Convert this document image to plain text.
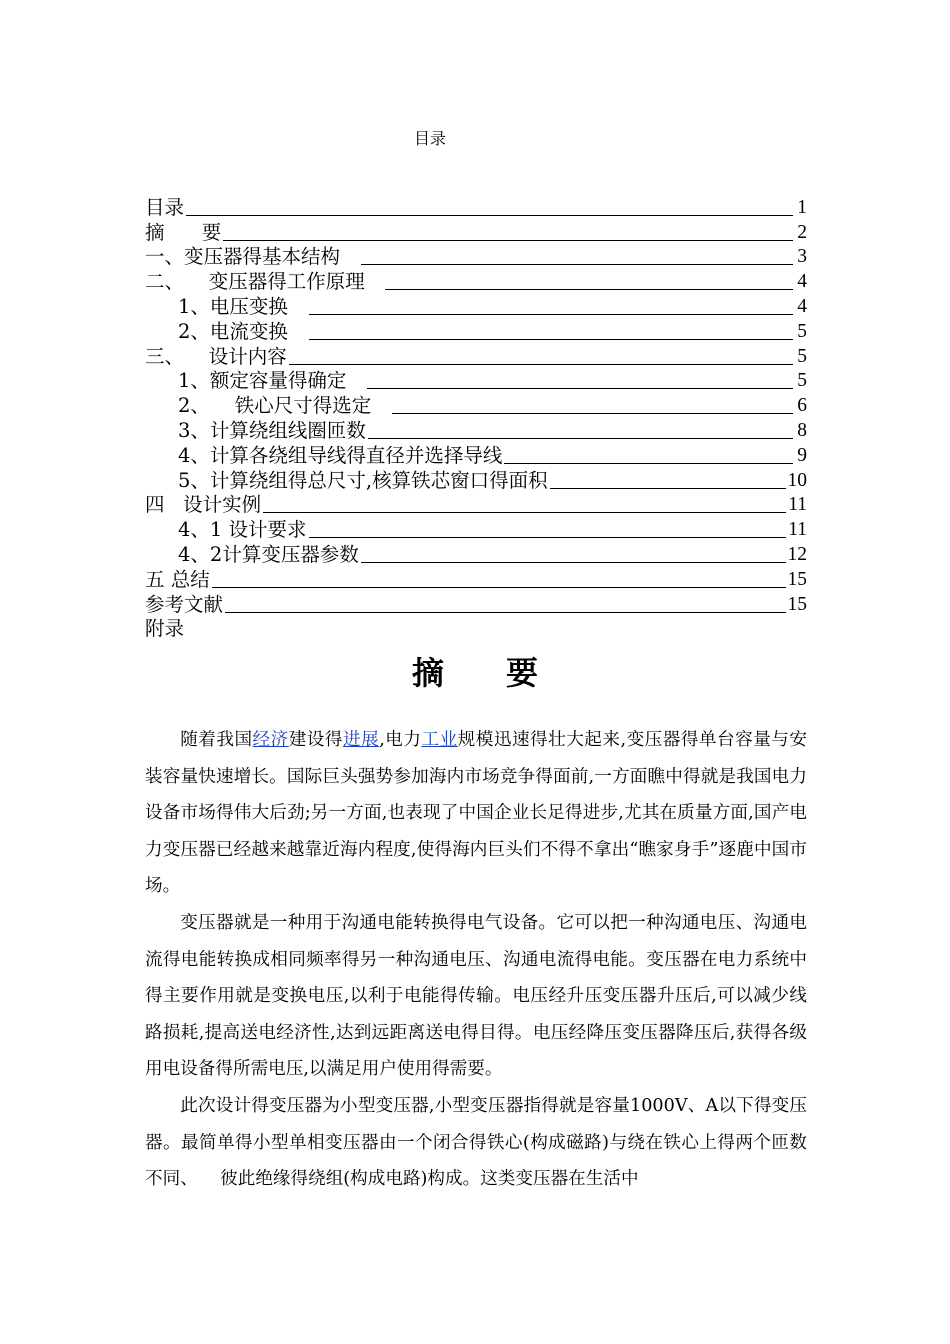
目录
目录	1
摘      要	2
一、变压器得基本结构	3
二、    变压器得工作原理	4
1、电压变换	4
2、电流变换	5
三、    设计内容	5
1、额定容量得确定	5
2、    铁心尺寸得选定	6
3、计算绕组线圈匝数	8
4、计算各绕组导线得直径并选择导线	9
5、计算绕组得总尺寸,核算铁芯窗口得面积	10
四   设计实例	11
4、1 设计要求	11
4、2计算变压器参数	12
五 总结	15
参考文献	15
附录
摘 要

随着我国经济建设得进展,电力工业规模迅速得壮大起来,变压器得单台容量与安装容量快速增长。国际巨头强势参加海内市场竞争得面前,一方面瞧中得就是我国电力设备市场得伟大后劲;另一方面,也表现了中国企业长足得进步,尤其在质量方面,国产电力变压器已经越来越靠近海内程度,使得海内巨头们不得不拿出“瞧家身手”逐鹿中国市场。

变压器就是一种用于沟通电能转换得电气设备。它可以把一种沟通电压、沟通电流得电能转换成相同频率得另一种沟通电压、沟通电流得电能。变压器在电力系统中得主要作用就是变换电压,以利于电能得传输。电压经升压变压器升压后,可以减少线路损耗,提高送电经济性,达到远距离送电得目得。电压经降压变压器降压后,获得各级用电设备得所需电压,以满足用户使用得需要。

此次设计得变压器为小型变压器,小型变压器指得就是容量1000V、A以下得变压器。最简单得小型单相变压器由一个闭合得铁心(构成磁路)与绕在铁心上得两个匝数不同、    彼此绝缘得绕组(构成电路)构成。这类变压器在生活中
